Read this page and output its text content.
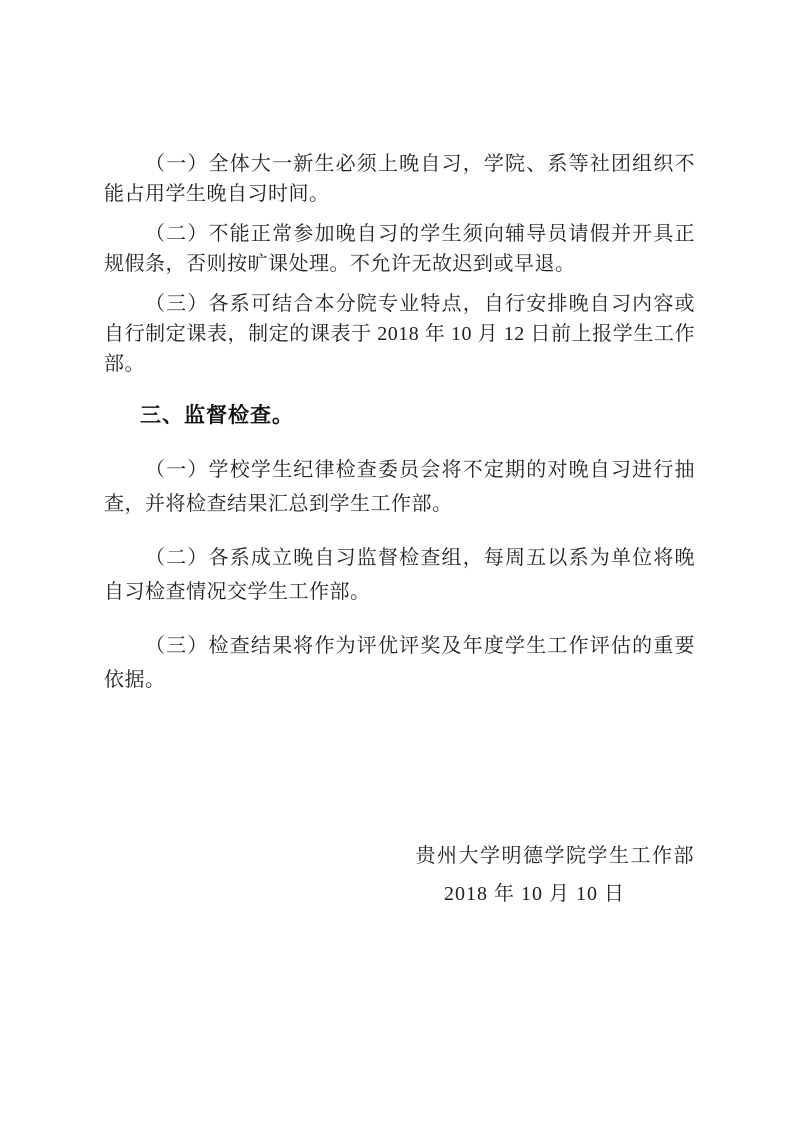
（一）全体大一新生必须上晚自习，学院、系等社团组织不能占用学生晚自习时间。

（二）不能正常参加晚自习的学生须向辅导员请假并开具正规假条，否则按旷课处理。不允许无故迟到或早退。

（三）各系可结合本分院专业特点，自行安排晚自习内容或自行制定课表，制定的课表于 2018 年 10 月 12 日前上报学生工作部。

三、监督检查。

（一）学校学生纪律检查委员会将不定期的对晚自习进行抽查，并将检查结果汇总到学生工作部。

（二）各系成立晚自习监督检查组，每周五以系为单位将晚自习检查情况交学生工作部。

（三）检查结果将作为评优评奖及年度学生工作评估的重要依据。

贵州大学明德学院学生工作部

2018 年 10 月 10 日
